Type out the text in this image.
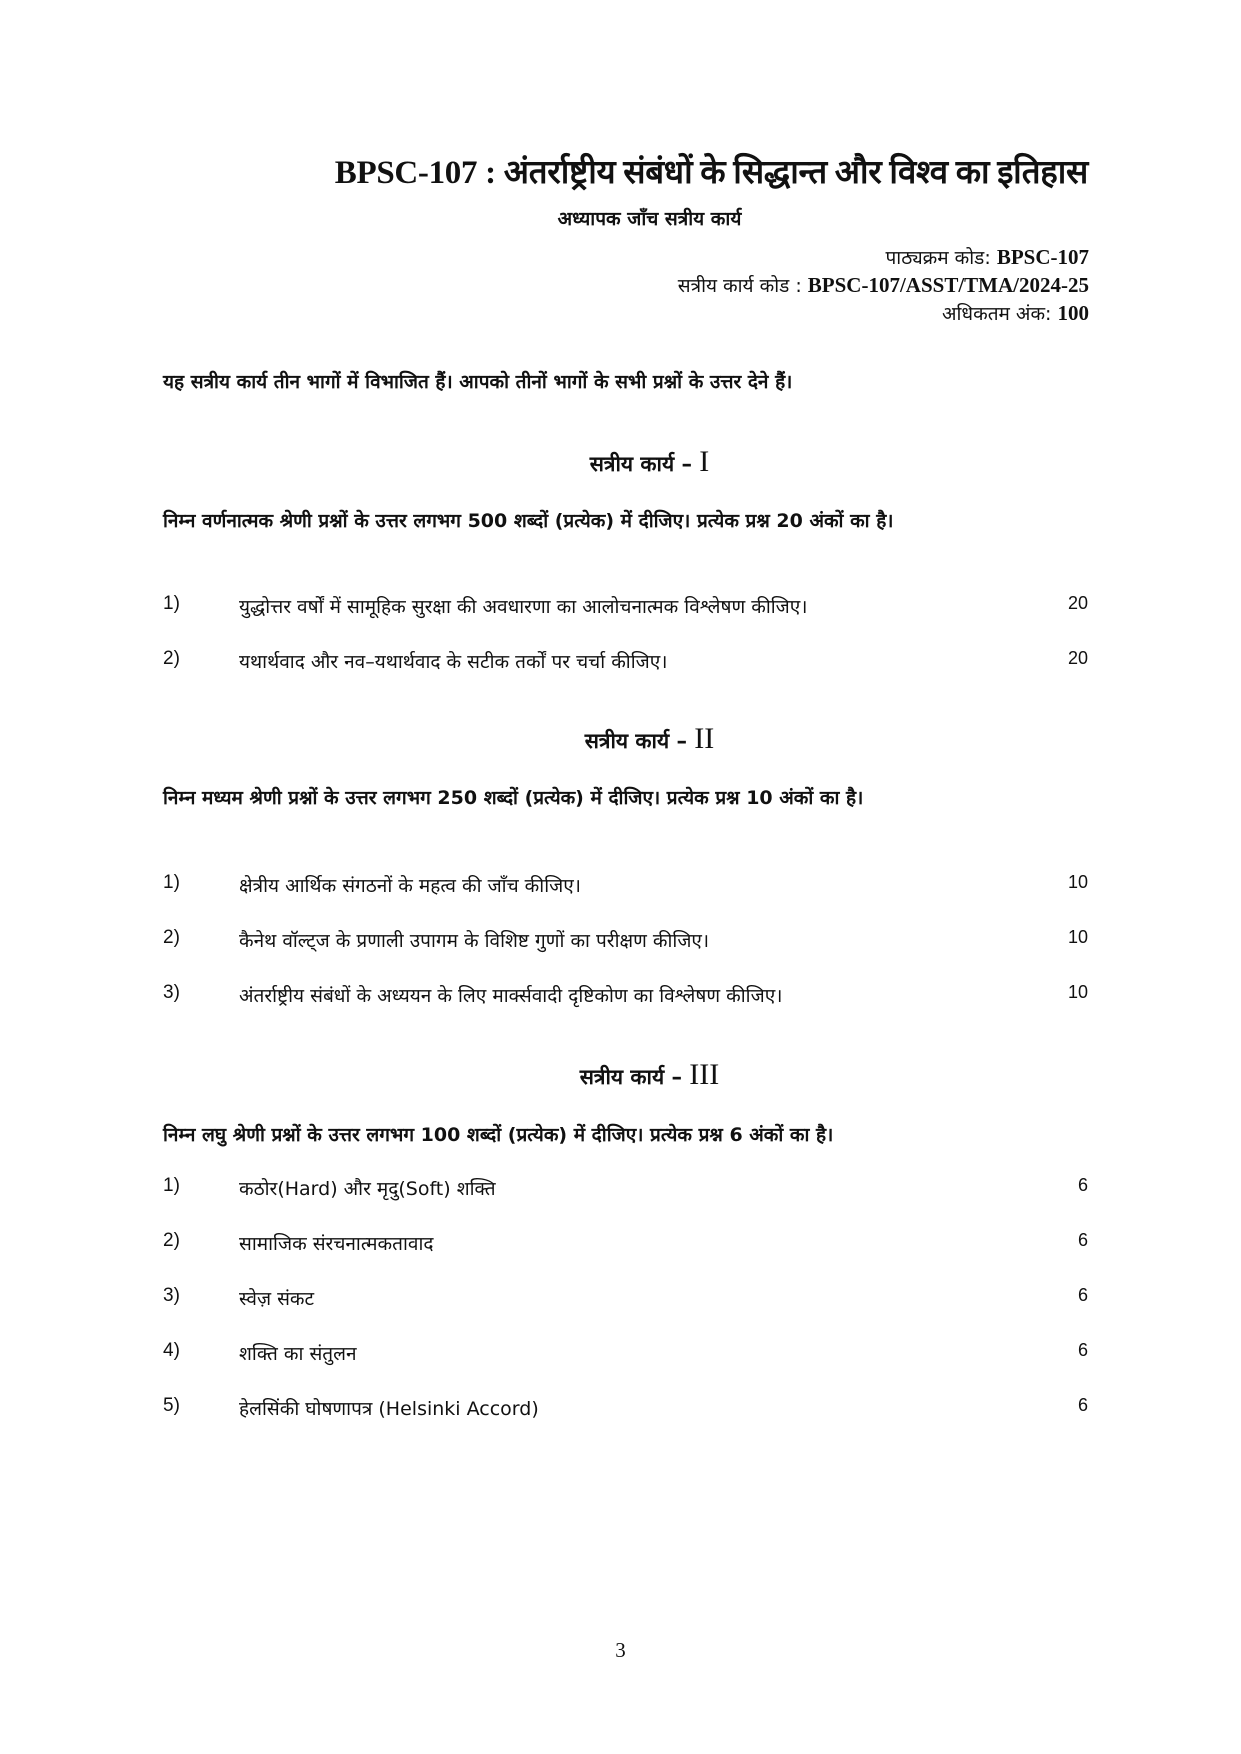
BPSC-107 : अंतर्राष्ट्रीय संबंधों के सिद्धान्त और विश्व का इतिहास
अध्यापक जाँच सत्रीय कार्य
पाठ्यक्रम कोड: BPSC-107
सत्रीय कार्य कोड : BPSC-107/ASST/TMA/2024-25
अधिकतम अंक: 100
यह सत्रीय कार्य तीन भागों में विभाजित हैं। आपको तीनों भागों के सभी प्रश्नों के उत्तर देने हैं।
सत्रीय कार्य – I
निम्न वर्णनात्मक श्रेणी प्रश्नों के उत्तर लगभग 500 शब्दों (प्रत्येक) में दीजिए। प्रत्येक प्रश्न 20 अंकों का है।
1)	युद्धोत्तर वर्षों में सामूहिक सुरक्षा की अवधारणा का आलोचनात्मक विश्लेषण कीजिए।	20
2)	यथार्थवाद और नव–यथार्थवाद के सटीक तर्कों पर चर्चा कीजिए।	20
सत्रीय कार्य – II
निम्न मध्यम श्रेणी प्रश्नों के उत्तर लगभग 250 शब्दों (प्रत्येक) में दीजिए। प्रत्येक प्रश्न 10 अंकों का है।
1)	क्षेत्रीय आर्थिक संगठनों के महत्व की जाँच कीजिए।	10
2)	कैनेथ वॉल्ट्ज के प्रणाली उपागम के विशिष्ट गुणों का परीक्षण कीजिए।	10
3)	अंतर्राष्ट्रीय संबंधों के अध्ययन के लिए मार्क्सवादी दृष्टिकोण का विश्लेषण कीजिए।	10
सत्रीय कार्य – III
निम्न लघु श्रेणी प्रश्नों के उत्तर लगभग 100 शब्दों (प्रत्येक) में दीजिए। प्रत्येक प्रश्न 6 अंकों का है।
1)	कठोर(Hard) और मृदु(Soft) शक्ति	6
2)	सामाजिक संरचनात्मकतावाद	6
3)	स्वेज़ संकट	6
4)	शक्ति का संतुलन	6
5)	हेलसिंकी घोषणापत्र (Helsinki Accord)	6
3
